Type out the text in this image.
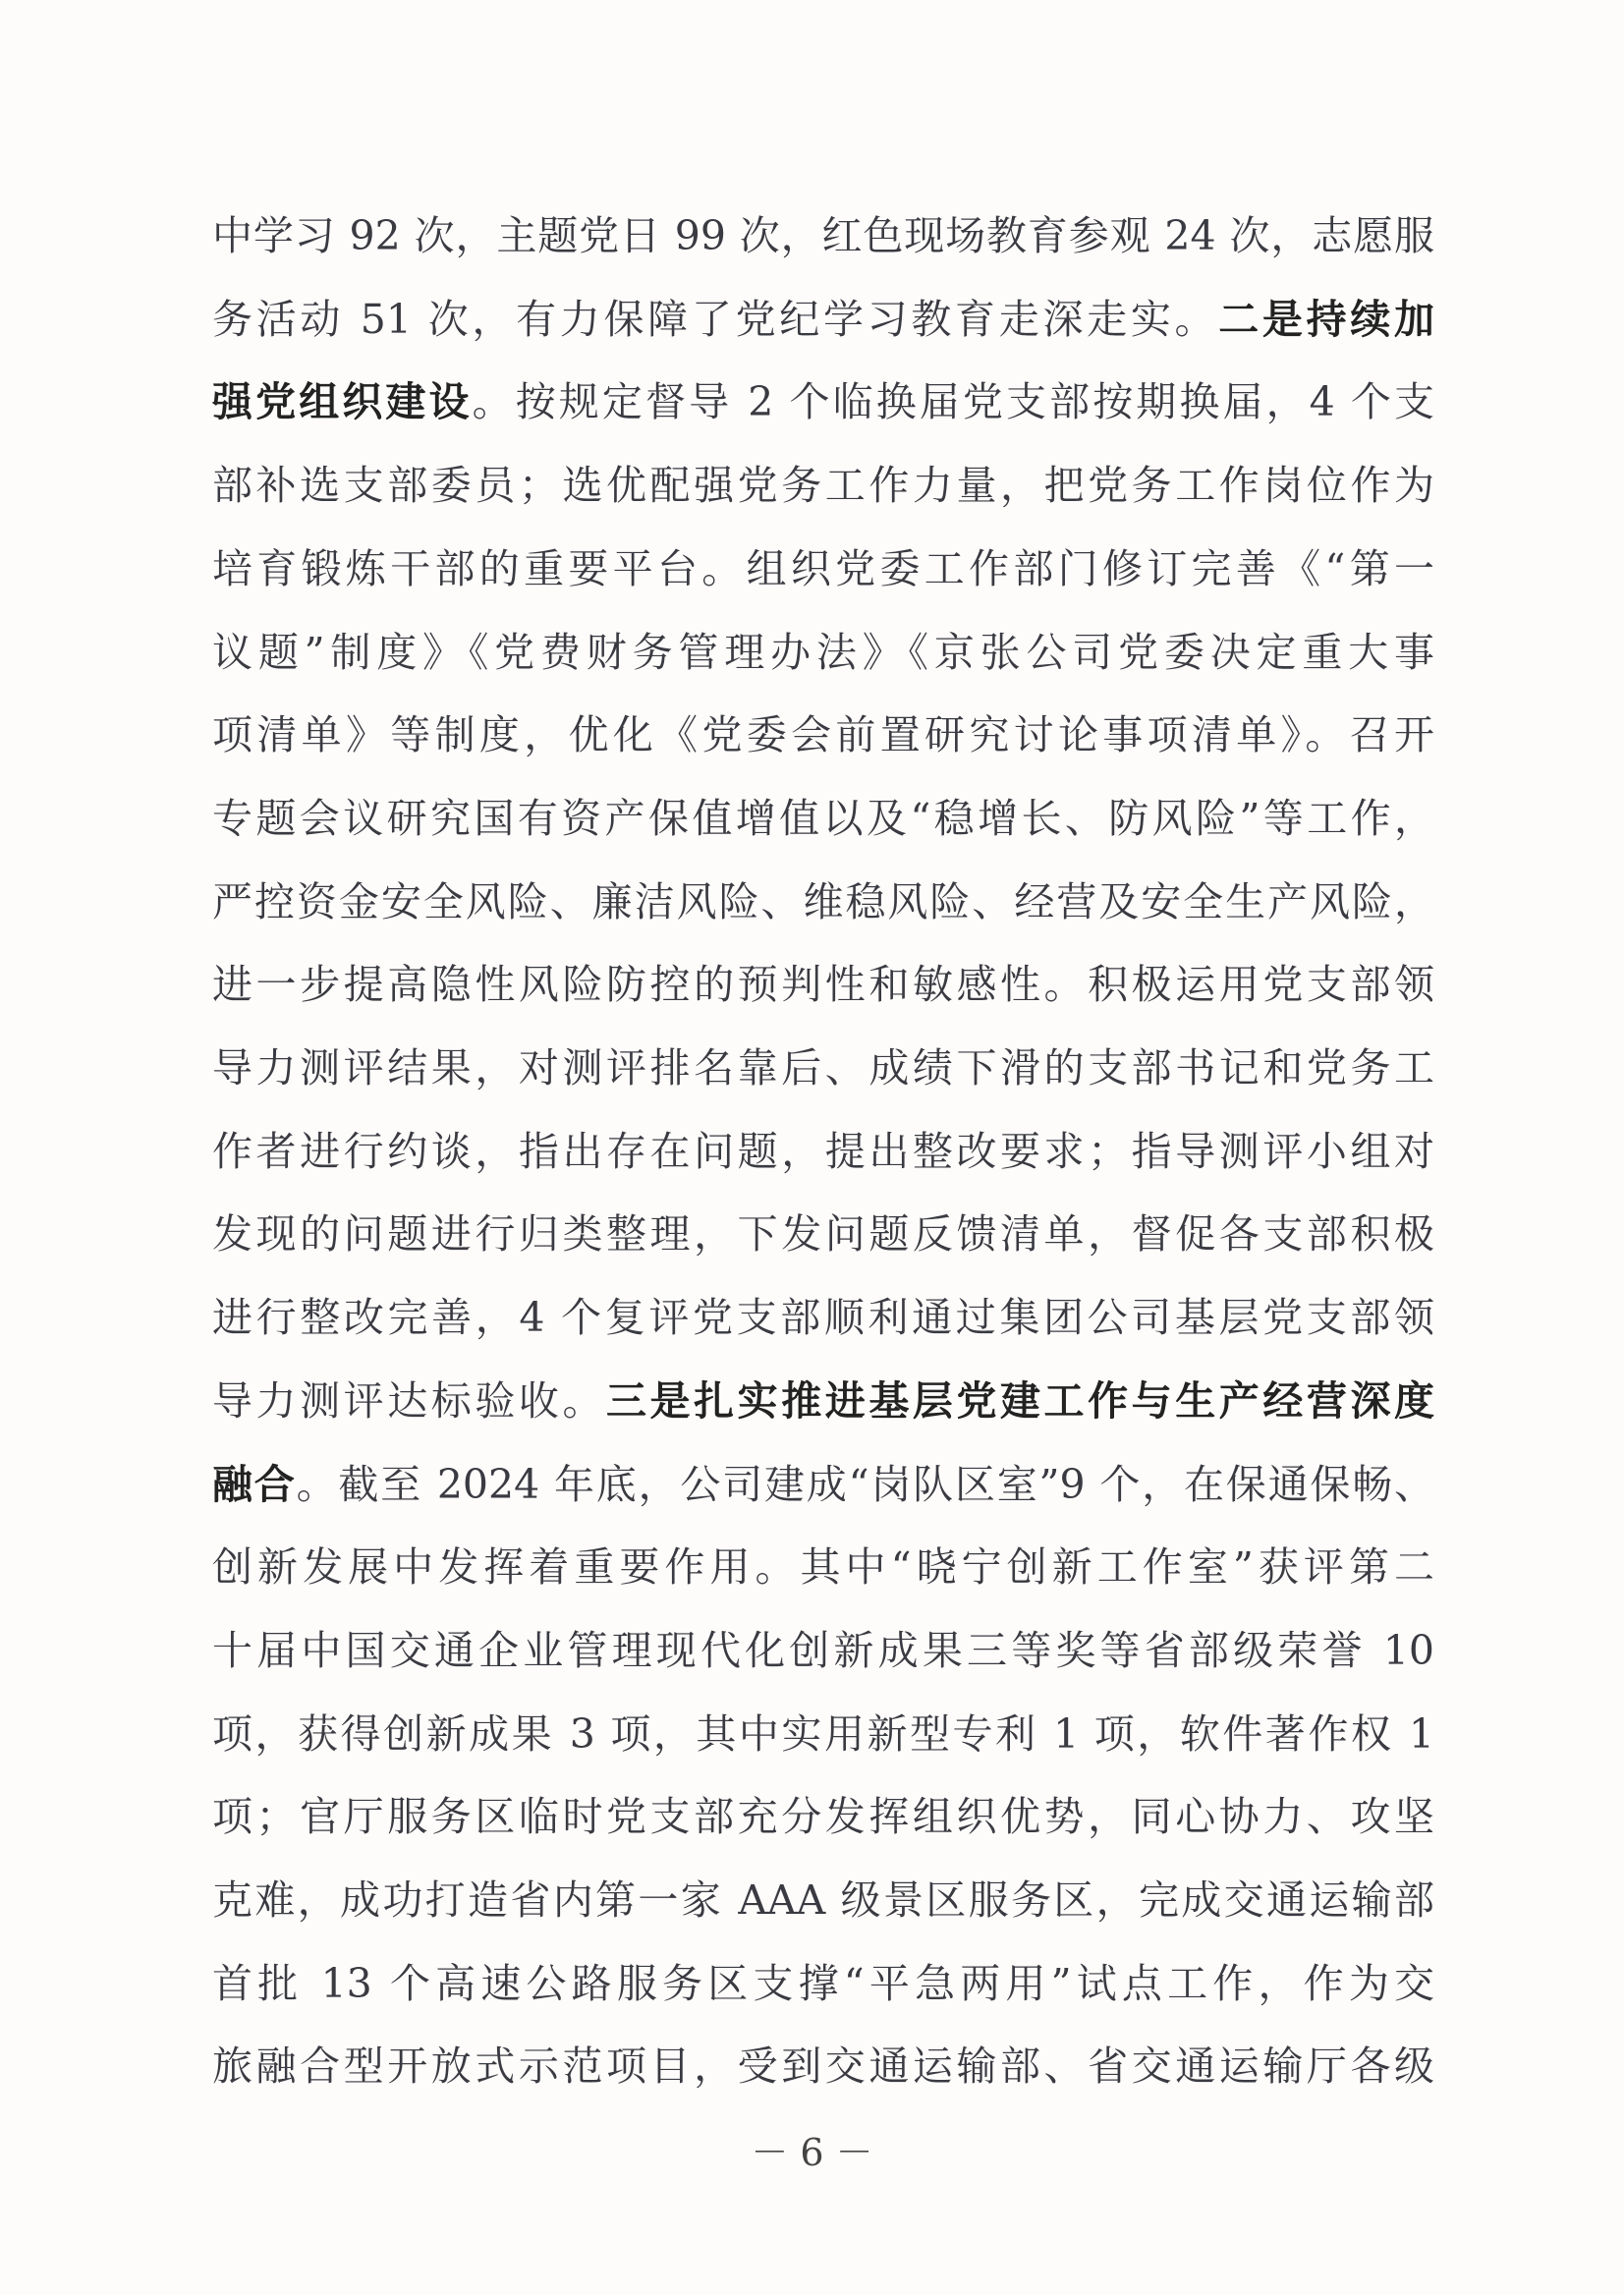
中学习 92 次，主题党日 99 次，红色现场教育参观 24 次，志愿服
务活动 51 次，有力保障了党纪学习教育走深走实。二是持续加
强党组织建设。按规定督导 2 个临换届党支部按期换届，4 个支
部补选支部委员；选优配强党务工作力量，把党务工作岗位作为
培育锻炼干部的重要平台。组织党委工作部门修订完善《“第一
议题”制度》《党费财务管理办法》《京张公司党委决定重大事
项清单》等制度，优化《党委会前置研究讨论事项清单》。召开
专题会议研究国有资产保值增值以及“稳增长、防风险”等工作，
严控资金安全风险、廉洁风险、维稳风险、经营及安全生产风险，
进一步提高隐性风险防控的预判性和敏感性。积极运用党支部领
导力测评结果，对测评排名靠后、成绩下滑的支部书记和党务工
作者进行约谈，指出存在问题，提出整改要求；指导测评小组对
发现的问题进行归类整理，下发问题反馈清单，督促各支部积极
进行整改完善，4 个复评党支部顺利通过集团公司基层党支部领
导力测评达标验收。三是扎实推进基层党建工作与生产经营深度
融合。截至 2024 年底，公司建成“岗队区室”9 个，在保通保畅、
创新发展中发挥着重要作用。其中“晓宁创新工作室”获评第二
十届中国交通企业管理现代化创新成果三等奖等省部级荣誉 10
项，获得创新成果 3 项，其中实用新型专利 1 项，软件著作权 1
项；官厅服务区临时党支部充分发挥组织优势，同心协力、攻坚
克难，成功打造省内第一家 AAA 级景区服务区，完成交通运输部
首批 13 个高速公路服务区支撑“平急两用”试点工作，作为交
旅融合型开放式示范项目，受到交通运输部、省交通运输厅各级
－ 6 －
